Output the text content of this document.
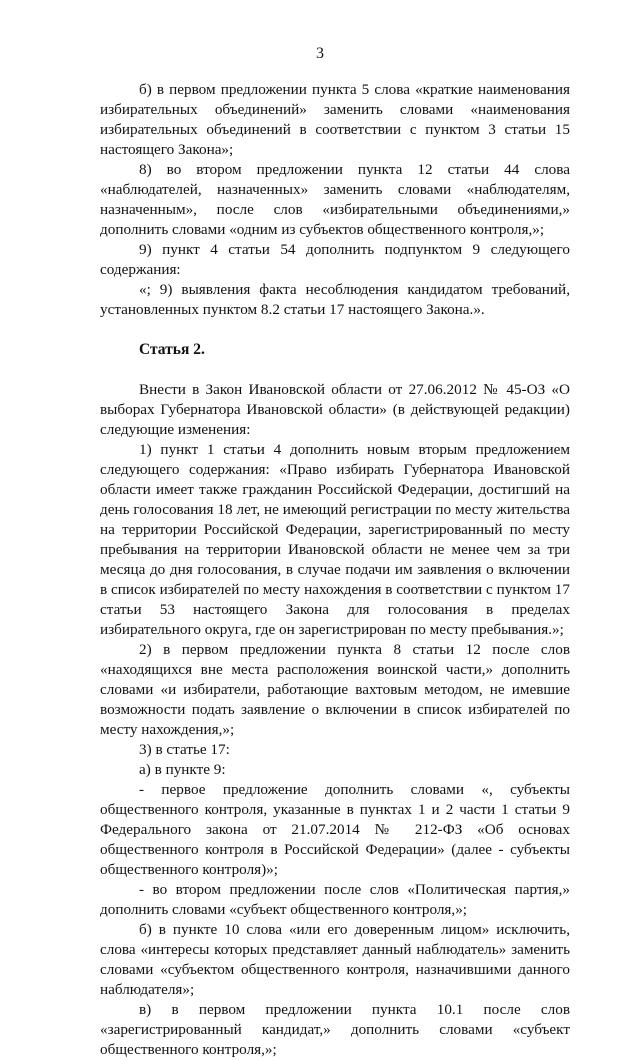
3

б) в первом предложении пункта 5 слова «краткие наименования избирательных объединений» заменить словами «наименования избирательных объединений в соответствии с пунктом 3 статьи 15 настоящего Закона»;

8) во втором предложении пункта 12 статьи 44 слова «наблюдателей, назначенных» заменить словами «наблюдателям, назначенным», после слов «избирательными объединениями,» дополнить словами «одним из субъектов общественного контроля,»;

9) пункт 4 статьи 54 дополнить подпунктом 9 следующего содержания:

«; 9) выявления факта несоблюдения кандидатом требований, установленных пунктом 8.2 статьи 17 настоящего Закона.».

Статья 2.

Внести в Закон Ивановской области от 27.06.2012 № 45-ОЗ «О выборах Губернатора Ивановской области» (в действующей редакции) следующие изменения:

1) пункт 1 статьи 4 дополнить новым вторым предложением следующего содержания: «Право избирать Губернатора Ивановской области имеет также гражданин Российской Федерации, достигший на день голосования 18 лет, не имеющий регистрации по месту жительства на территории Российской Федерации, зарегистрированный по месту пребывания на территории Ивановской области не менее чем за три месяца до дня голосования, в случае подачи им заявления о включении в список избирателей по месту нахождения в соответствии с пунктом 17 статьи 53 настоящего Закона для голосования в пределах избирательного округа, где он зарегистрирован по месту пребывания.»;

2) в первом предложении пункта 8 статьи 12 после слов «находящихся вне места расположения воинской части,» дополнить словами «и избиратели, работающие вахтовым методом, не имевшие возможности подать заявление о включении в список избирателей по месту нахождения,»;

3) в статье 17:

а) в пункте 9:

- первое предложение дополнить словами «, субъекты общественного контроля, указанные в пунктах 1 и 2 части 1 статьи 9 Федерального закона от 21.07.2014 № 212-ФЗ «Об основах общественного контроля в Российской Федерации» (далее - субъекты общественного контроля)»;

- во втором предложении после слов «Политическая партия,» дополнить словами «субъект общественного контроля,»;

б) в пункте 10 слова «или его доверенным лицом» исключить, слова «интересы которых представляет данный наблюдатель» заменить словами «субъектом общественного контроля, назначившими данного наблюдателя»;

в) в первом предложении пункта 10.1 после слов «зарегистрированный кандидат,» дополнить словами «субъект общественного контроля,»;
